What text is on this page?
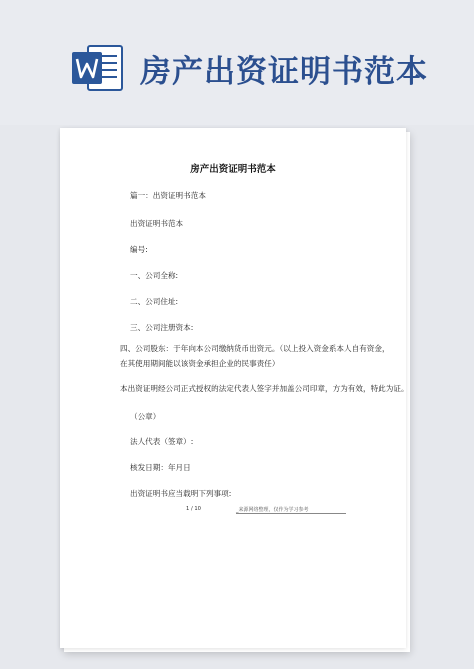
房产出资证明书范本
房产出资证明书范本
篇一：出资证明书范本
出资证明书范本
编号:
一、公司全称:
二、公司住址:
三、公司注册资本:
四、公司股东：于年向本公司缴纳货币出资元。（以上投入资金系本人自有资金，在其使用期间能以该资金承担企业的民事责任）
本出资证明经公司正式授权的法定代表人签字并加盖公司印章，方为有效，特此为证。
（公章）
法人代表（签章）:
核发日期：年月日
出资证明书应当载明下列事项:
1 / 10	_来源网络整理，仅作为学习参考
